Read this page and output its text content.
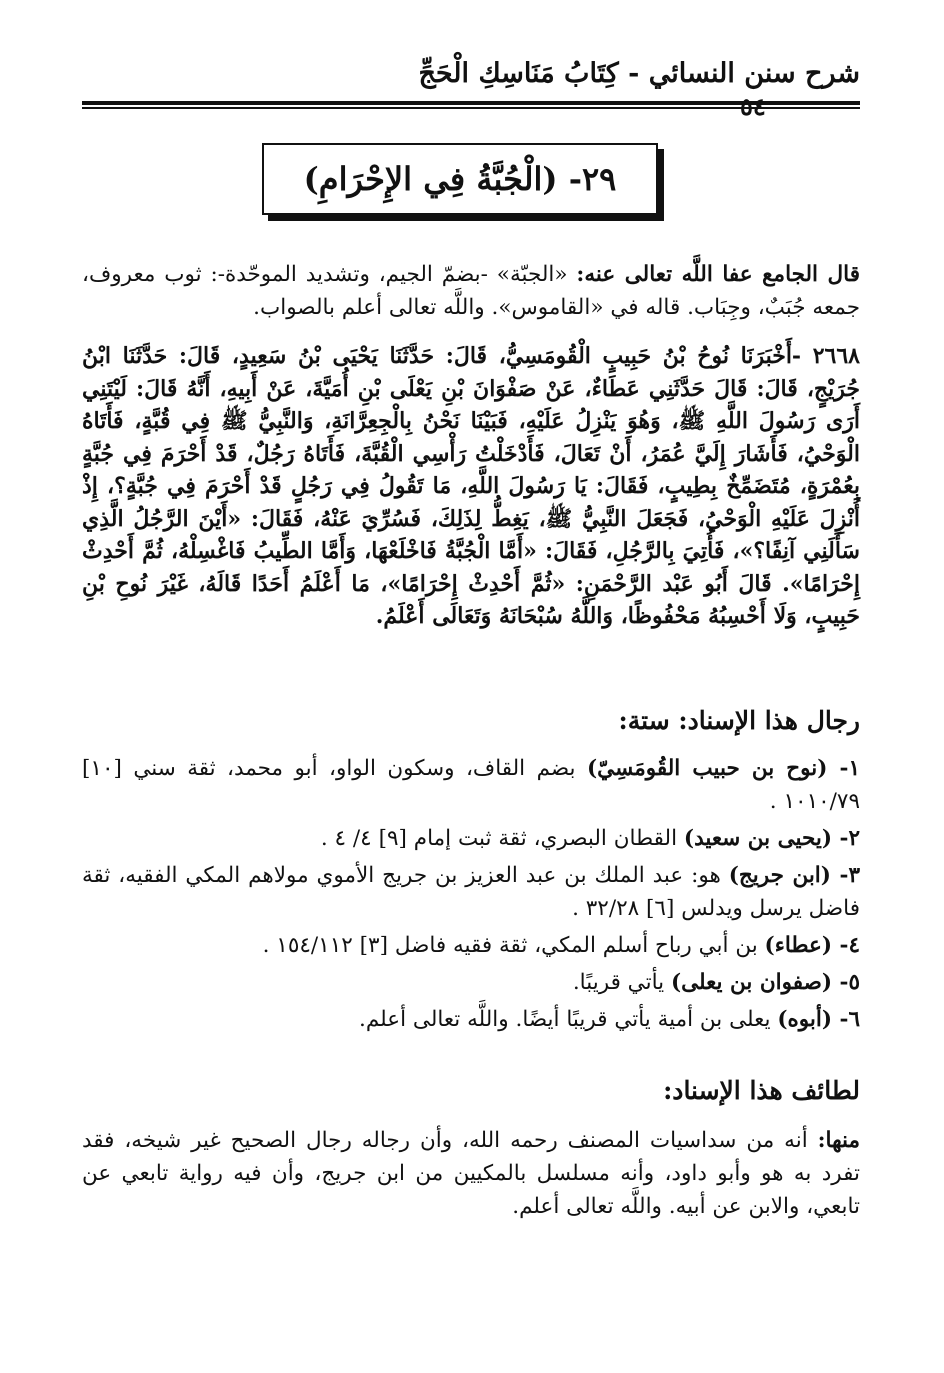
شرح سنن النسائي - كِتَابُ مَنَاسِكِ الْحَجِّ
٥٤
٢٩- (الْجُبَّةُ فِي الإِحْرَامِ)

قال الجامع عفا اللَّه تعالى عنه: «الجبّة» -بضمّ الجيم، وتشديد الموحّدة-: ثوب معروف، جمعه جُبَبٌ، وجِبَاب. قاله في «القاموس». واللَّه تعالى أعلم بالصواب.

٢٦٦٨ -أَخْبَرَنَا نُوحُ بْنُ حَبِيبٍ الْقُومَسِيُّ، قَالَ: حَدَّثَنَا يَحْيَى بْنُ سَعِيدٍ، قَالَ: حَدَّثَنَا ابْنُ جُرَيْجٍ، قَالَ: قَالَ حَدَّثَنِي عَطَاءٌ، عَنْ صَفْوَانَ بْنِ يَعْلَى بْنِ أُمَيَّةَ، عَنْ أَبِيهِ، أَنَّهُ قَالَ: لَيْتَنِي أَرَى رَسُولَ اللَّهِ ﷺ، وَهُوَ يَنْزِلُ عَلَيْهِ، فَبَيْنَا نَحْنُ بِالْجِعِرَّانَةِ، وَالنَّبِيُّ ﷺ فِي قُبَّةٍ، فَأَتَاهُ الْوَحْيُ، فَأَشَارَ إِلَيَّ عُمَرُ، أَنْ تَعَالَ، فَأَدْخَلْتُ رَأْسِي الْقُبَّةَ، فَأَتَاهُ رَجُلٌ، قَدْ أَحْرَمَ فِي جُبَّةٍ بِعُمْرَةٍ، مُتَضَمِّخٌ بِطِيبٍ، فَقَالَ: يَا رَسُولَ اللَّهِ، مَا تَقُولُ فِي رَجُلٍ قَدْ أَحْرَمَ فِي جُبَّةٍ؟، إِذْ أُنْزِلَ عَلَيْهِ الْوَحْيُ، فَجَعَلَ النَّبِيُّ ﷺ، يَغِطُّ لِذَلِكَ، فَسُرِّيَ عَنْهُ، فَقَالَ: «أَيْنَ الرَّجُلُ الَّذِي سَأَلَنِي آنِفًا؟»، فَأُتِيَ بِالرَّجُلِ، فَقَالَ: «أَمَّا الْجُبَّةُ فَاخْلَعْهَا، وَأَمَّا الطِّيبُ فَاغْسِلْهُ، ثُمَّ أَحْدِثْ إِحْرَامًا». قَالَ أَبُو عَبْد الرَّحْمَنِ: «ثُمَّ أَحْدِثْ إِحْرَامًا»، مَا أَعْلَمُ أَحَدًا قَالَهُ، غَيْرَ نُوحِ بْنِ حَبِيبٍ، وَلَا أَحْسِبُهُ مَحْفُوظًا، وَاللَّهُ سُبْحَانَهُ وَتَعَالَى أَعْلَمُ.
رجال هذا الإسناد: ستة:

١- (نوح بن حبيب القُومَسِيّ) بضم القاف، وسكون الواو، أبو محمد، ثقة سني [١٠] ١٠١٠/٧٩ .

٢- (يحيى بن سعيد) القطان البصري، ثقة ثبت إمام [٩] ٤/ ٤ .

٣- (ابن جريج) هو: عبد الملك بن عبد العزيز بن جريج الأموي مولاهم المكي الفقيه، ثقة فاضل يرسل ويدلس [٦] ٣٢/٢٨ .

٤- (عطاء) بن أبي رباح أسلم المكي، ثقة فقيه فاضل [٣] ١٥٤/١١٢ .

٥- (صفوان بن يعلى) يأتي قريبًا.

٦- (أبوه) يعلى بن أمية يأتي قريبًا أيضًا. واللَّه تعالى أعلم.

لطائف هذا الإسناد:

منها: أنه من سداسيات المصنف رحمه الله، وأن رجاله رجال الصحيح غير شيخه، فقد تفرد به هو وأبو داود، وأنه مسلسل بالمكيين من ابن جريج، وأن فيه رواية تابعي عن تابعي، والابن عن أبيه. واللَّه تعالى أعلم.
